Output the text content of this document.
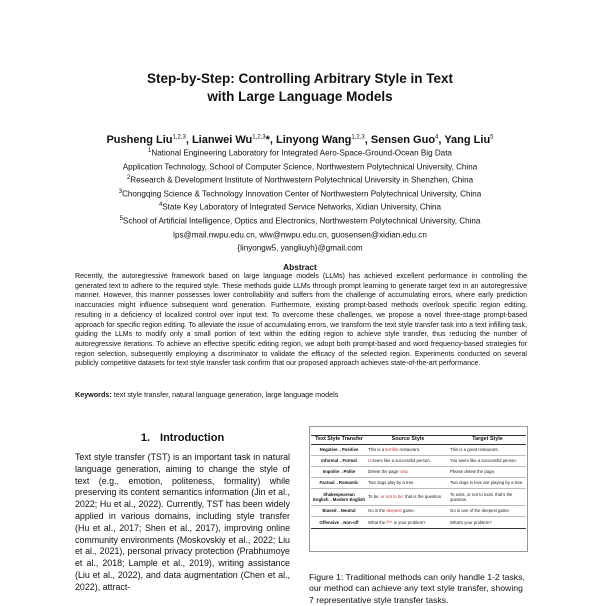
Step-by-Step: Controlling Arbitrary Style in Text
with Large Language Models
Pusheng Liu$^{1,2,3}$, Lianwei Wu$^{1,2,3}$*, Linyong Wang$^{1,2,3}$, Sensen Guo$^4$, Yang Liu$^5$
$^1$National Engineering Laboratory for Integrated Aero-Space-Ground-Ocean Big Data
Application Technology, School of Computer Science, Northwestern Polytechnical University, China
$^2$Research & Development Institute of Northwestern Polytechnical University in Shenzhen, China
$^3$Chongqing Science & Technology Innovation Center of Northwestern Polytechnical University, China
$^4$State Key Laboratory of Integrated Service Networks, Xidian University, China
$^5$School of Artificial Intelligence, Optics and Electronics, Northwestern Polytechnical University, China
lps@mail.nwpu.edu.cn, wlw@nwpu.edu.cn, guosensen@xidian.edu.cn
{linyongw5, yangliuyh}@gmail.com
Abstract
Recently, the autoregressive framework based on large language models (LLMs) has achieved excellent performance in controlling the generated text to adhere to the required style. These methods guide LLMs through prompt learning to generate target text in an autoregressive manner. However, this manner possesses lower controllability and suffers from the challenge of accumulating errors, where early prediction inaccuracies might influence subsequent word generation. Furthermore, existing prompt-based methods overlook specific region editing, resulting in a deficiency of localized control over input text. To overcome these challenges, we propose a novel three-stage prompt-based approach for specific region editing. To alleviate the issue of accumulating errors, we transform the text style transfer task into a text infilling task, guiding the LLMs to modify only a small portion of text within the editing region to achieve style transfer, thus reducing the number of autoregressive iterations. To achieve an effective specific editing region, we adopt both prompt-based and word frequency-based strategies for region selection, subsequently employing a discriminator to validate the efficacy of the selected region. Experiments conducted on several publicly competitive datasets for text style transfer task confirm that our proposed approach achieves state-of-the-art performance.
Keywords: text style transfer, natural language generation, large language models
1. Introduction
Text style transfer (TST) is an important task in natural language generation, aiming to change the style of text (e.g., emotion, politeness, formality) while preserving its content semantics information (Jin et al., 2022; Hu et al., 2022). Currently, TST has been widely applied in various domains, including style transfer (Hu et al., 2017; Shen et al., 2017), improving online community environments (Moskovskiy et al., 2022; Liu et al., 2021), personal privacy protection (Prabhumoye et al., 2018; Lample et al., 2019), writing assistance (Liu et al., 2022), and data augmentation (Chen et al., 2022), attract-
Text Style Transfer	Source Style	Target Style
Negative→Positive	This is a terrible restaurant.	This is a great restaurant.
Informal→Formal	U seem like a successful person.	You seem like a successful person.
Impolite→Polite	Delete the page now.	Please delete the page.
Factual→Romantic	Two dogs play by a tree.	Two dogs in love are playing by a tree.
Shakespearean English→Modern English	To be, or not to be: that is the question.	To exist, or not to exist, that's the question.
Biased→Neutral	Go is the deepest game.	Go is one of the deepest game.
Offensive→Non-off	What the f*** is your problem?	What's your problem?
Figure 1: Traditional methods can only handle 1-2 tasks, our method can achieve any text style transfer, showing 7 representative style transfer tasks.
